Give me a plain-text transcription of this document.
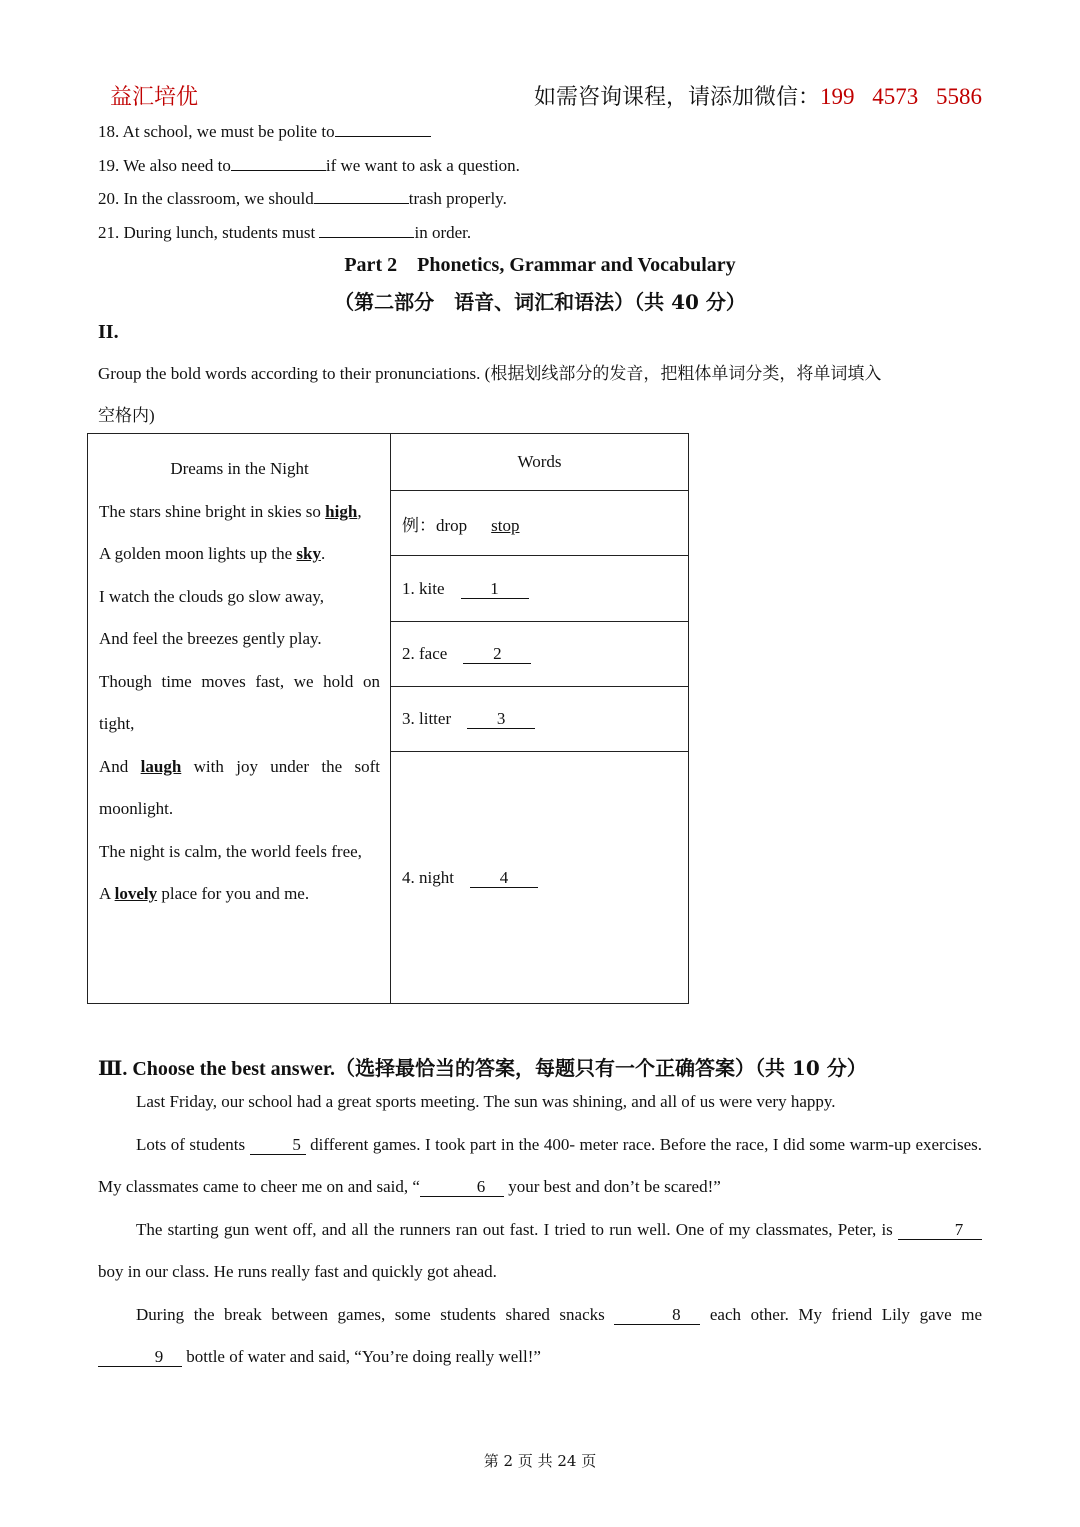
益汇培优	如需咨询课程，请添加微信：199 4573 5586
18. At school, we must be polite to
19. We also need to	if we want to ask a question.
20. In the classroom, we should	trash properly.
21. During lunch, students must	in order.
Part 2    Phonetics, Grammar and Vocabulary
（第二部分　语音、词汇和语法）（共 40 分）
II.
Group the bold words according to their pronunciations. (根据划线部分的发音，把粗体单词分类，将单词填入
空格内)
Dreams in the Night
The stars shine bright in skies so high,
A golden moon lights up the sky.
I watch the clouds go slow away,
And feel the breezes gently play.
Though time moves fast, we hold on tight,
And laugh with joy under the soft moonlight.
The night is calm, the world feels free,
A lovely place for you and me.
	Words
例：drop stop
1. kite	1
2. face	2
3. litter	3
4. night	4
Ⅲ. Choose the best answer.（选择最恰当的答案，每题只有一个正确答案）（共 10 分）

Last Friday, our school had a great sports meeting. The sun was shining, and all of us were very happy.

Lots of students	5 different games. I took part in the 400- meter race. Before the race, I did some warm-up exercises. My classmates came to cheer me on and said, “	6 your best and don’t be scared!”

The starting gun went off, and all the runners ran out fast. I tried to run well. One of my classmates, Peter, is	7 boy in our class. He runs really fast and quickly got ahead.

During the break between games, some students shared snacks	8 each other. My friend Lily gave me 9 bottle of water and said, “You’re doing really well!”

第 2 页 共 24 页
